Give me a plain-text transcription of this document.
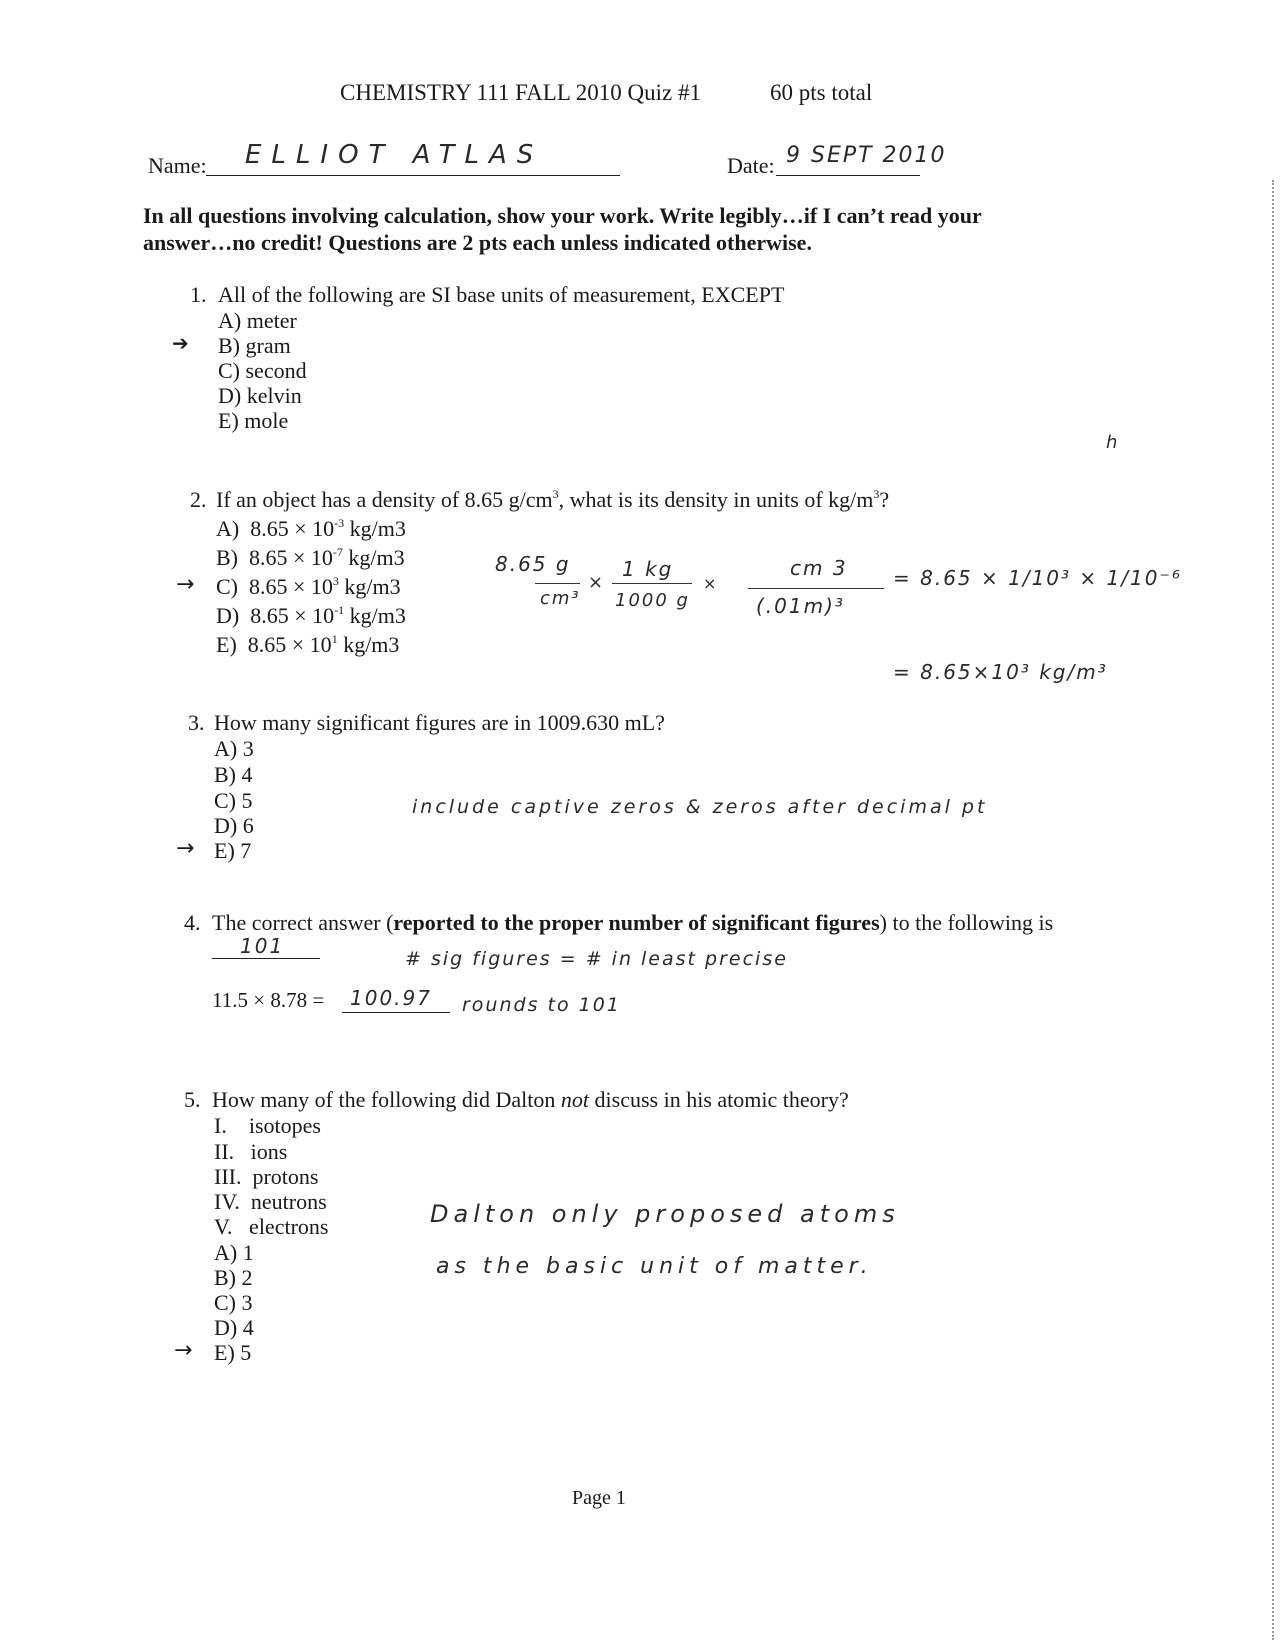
CHEMISTRY 111 FALL 2010 Quiz #1	60 pts total
Name: ELLIOT ATLAS	Date: 9 SEPT 2010
In all questions involving calculation, show your work. Write legibly…if I can’t read your
answer…no credit! Questions are 2 pts each unless indicated otherwise.
1. All of the following are SI base units of measurement, EXCEPT
A) meter
B) gram
C) second
D) kelvin
E) mole
➔
h
2. If an object has a density of 8.65 $g/cm^3$, what is its density in units of $kg/m^3$?
A) $8.65 \times 10^{-3}$ kg/m3
B) $8.65 \times 10^{-7}$ kg/m3
C) $8.65 \times 10^3$ kg/m3
D) $8.65 \times 10^{-1}$ kg/m3
E) $8.65 \times 10^1$ kg/m3
→
8.65 g
cm³
×
1 kg
1000 g
×
cm 3
(.01m)³
= 8.65 × 1/10³ × 1/10⁻⁶
= 8.65×10³ kg/m³
3. How many significant figures are in 1009.630 mL?
A) 3
B) 4
C) 5
D) 6
E) 7
→
include captive zeros & zeros after decimal pt
4. The correct answer (reported to the proper number of significant figures) to the following is
101
# sig figures = # in least precise
11.5 × 8.78 = 100.97 rounds to 101
5. How many of the following did Dalton not discuss in his atomic theory?
I.    isotopes
II.   ions
III.  protons
IV.  neutrons
V.   electrons
A) 1
B) 2
C) 3
D) 4
E) 5
→
Dalton only proposed atoms
as the basic unit of matter.
Page 1
